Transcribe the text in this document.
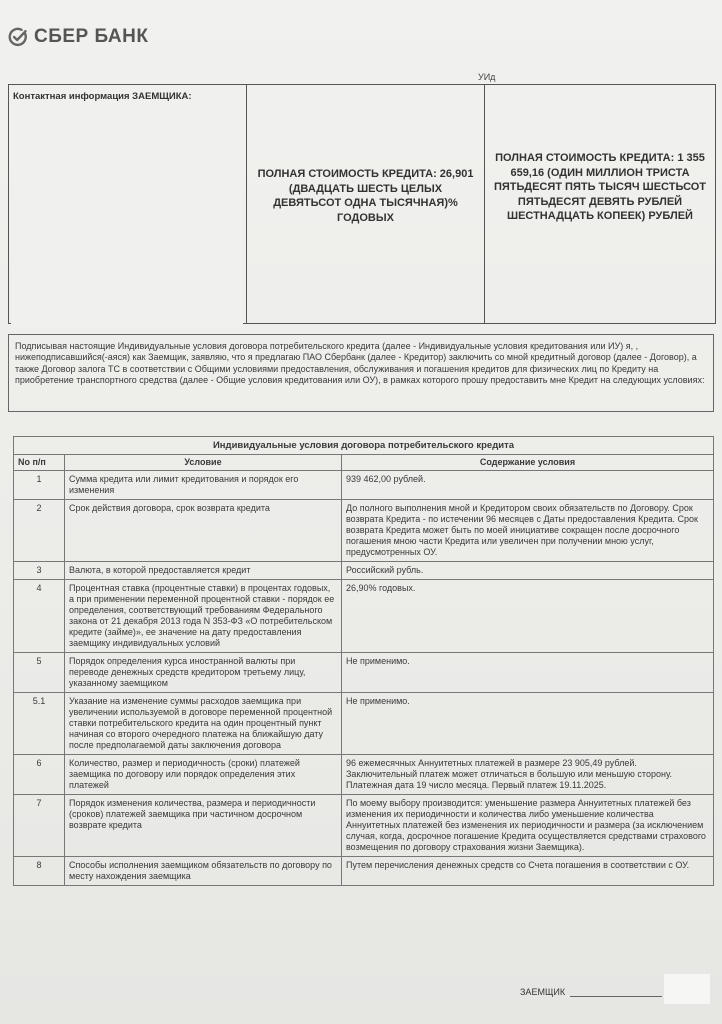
СБЕР БАНК
УИд
Контактная информация ЗАЕМЩИКА:
ПОЛНАЯ СТОИМОСТЬ КРЕДИТА: 26,901 (ДВАДЦАТЬ ШЕСТЬ ЦЕЛЫХ ДЕВЯТЬСОТ ОДНА ТЫСЯЧНАЯ)% ГОДОВЫХ
ПОЛНАЯ СТОИМОСТЬ КРЕДИТА: 1 355 659,16 (ОДИН МИЛЛИОН ТРИСТА ПЯТЬДЕСЯТ ПЯТЬ ТЫСЯЧ ШЕСТЬСОТ ПЯТЬДЕСЯТ ДЕВЯТЬ РУБЛЕЙ ШЕСТНАДЦАТЬ КОПЕЕК) РУБЛЕЙ
Подписывая настоящие Индивидуальные условия договора потребительского кредита (далее - Индивидуальные условия кредитования или ИУ) я, , нижеподписавшийся(-аяся) как Заемщик, заявляю, что я предлагаю ПАО Сбербанк (далее - Кредитор) заключить со мной кредитный договор (далее - Договор), а также Договор залога ТС в соответствии с Общими условиями предоставления, обслуживания и погашения кредитов для физических лиц по Кредиту на приобретение транспортного средства (далее - Общие условия кредитования или ОУ), в рамках которого прошу предоставить мне Кредит на следующих условиях:
Индивидуальные условия договора потребительского кредита		
No п/п	Условие	Содержание условия
1	Сумма кредита или лимит кредитования и порядок его изменения	939 462,00 рублей.
2	Срок действия договора, срок возврата кредита	До полного выполнения мной и Кредитором своих обязательств по Договору. Срок возврата Кредита - по истечении 96 месяцев с Даты предоставления Кредита. Срок возврата Кредита может быть по моей инициативе сокращен после досрочного погашения мною части Кредита или увеличен при получении мною услуг, предусмотренных ОУ.
3	Валюта, в которой предоставляется кредит	Российский рубль.
4	Процентная ставка (процентные ставки) в процентах годовых, а при применении переменной процентной ставки - порядок ее определения, соответствующий требованиям Федерального закона от 21 декабря 2013 года N 353-ФЗ «О потребительском кредите (займе)», ее значение на дату предоставления заемщику индивидуальных условий	26,90% годовых.
5	Порядок определения курса иностранной валюты при переводе денежных средств кредитором третьему лицу, указанному заемщиком	Не применимо.
5.1	Указание на изменение суммы расходов заемщика при увеличении используемой в договоре переменной процентной ставки потребительского кредита на один процентный пункт начиная со второго очередного платежа на ближайшую дату после предполагаемой даты заключения договора	Не применимо.
6	Количество, размер и периодичность (сроки) платежей заемщика по договору или порядок определения этих платежей	96 ежемесячных Аннуитетных платежей в размере 23 905,49 рублей. Заключительный платеж может отличаться в большую или меньшую сторону. Платежная дата 19 число месяца. Первый платеж 19.11.2025.
7	Порядок изменения количества, размера и периодичности (сроков) платежей заемщика при частичном досрочном возврате кредита	По моему выбору производится: уменьшение размера Аннуитетных платежей без изменения их периодичности и количества либо уменьшение количества Аннуитетных платежей без изменения их периодичности и размера (за исключением случая, когда, досрочное погашение Кредита осуществляется средствами страхового возмещения по договору страхования жизни Заемщика).
8	Способы исполнения заемщиком обязательств по договору по месту нахождения заемщика	Путем перечисления денежных средств со Счета погашения в соответствии с ОУ.
ЗАЕМЩИК
